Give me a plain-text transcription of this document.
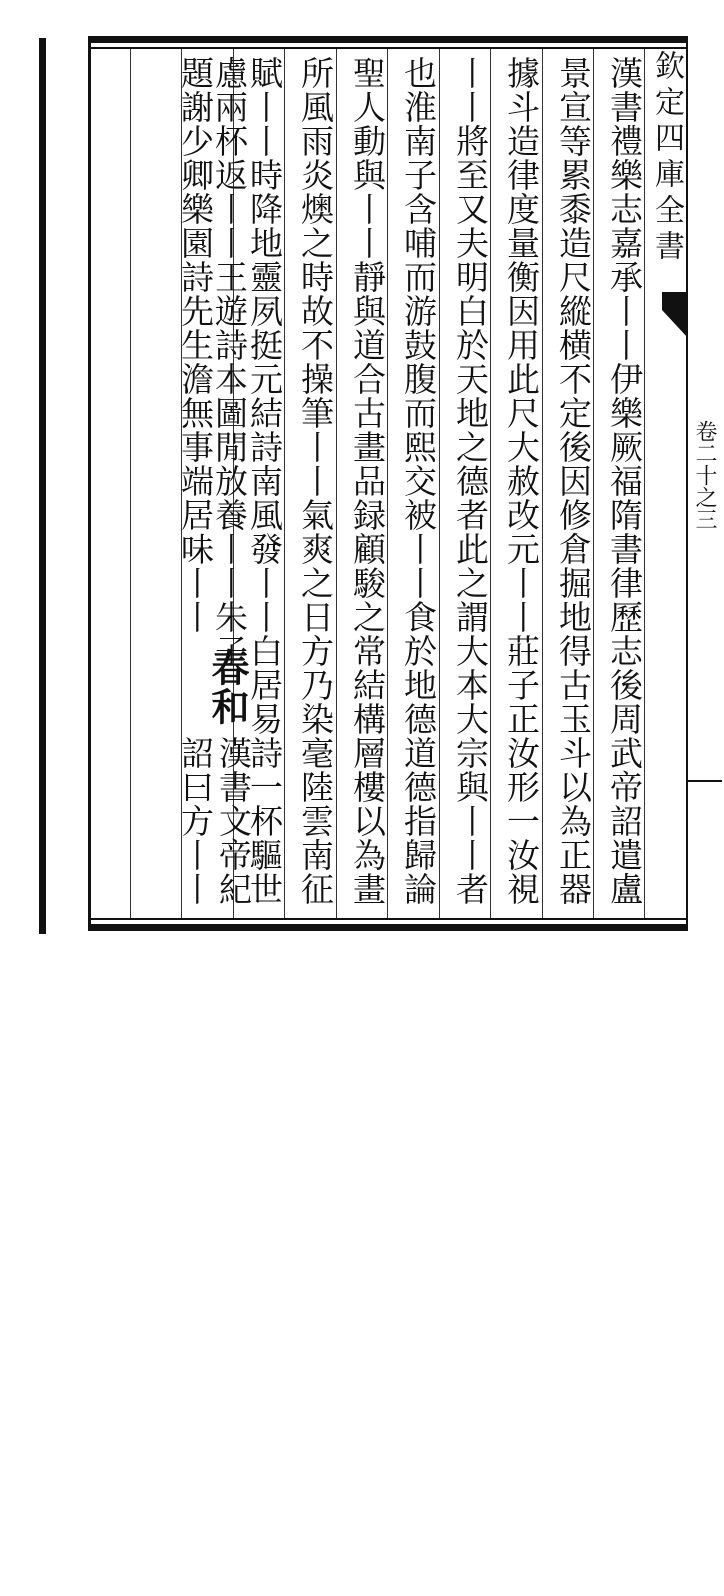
欽定四庫全書
卷二十之三
漢書禮樂志嘉承丨丨伊樂厥福隋書律歷志後周武帝詔遣盧
景宣等累黍造尺縱横不定後因修倉掘地得古玉斗以為正器
據斗造律度量衡因用此尺大赦改元丨丨莊子正汝形一汝視
丨丨將至又夫明白於天地之德者此之謂大本大宗與丨丨者
也淮南子含哺而游鼓腹而熙交被丨丨食於地德道德指歸論
聖人動與丨丨靜與道合古畫品録顧駿之常結構層樓以為畫
所風雨炎燠之時故不操筆丨丨氣爽之日方乃染毫陸雲南征
賦丨丨時降地靈夙挺元結詩南風發丨丨白居易詩一杯驅世
慮兩杯返丨丨王遊詩本圖閒放養丨丨朱子
題謝少卿樂園詩先生澹無事端居味丨丨
春和
漢書文帝紀
詔曰方丨丨
